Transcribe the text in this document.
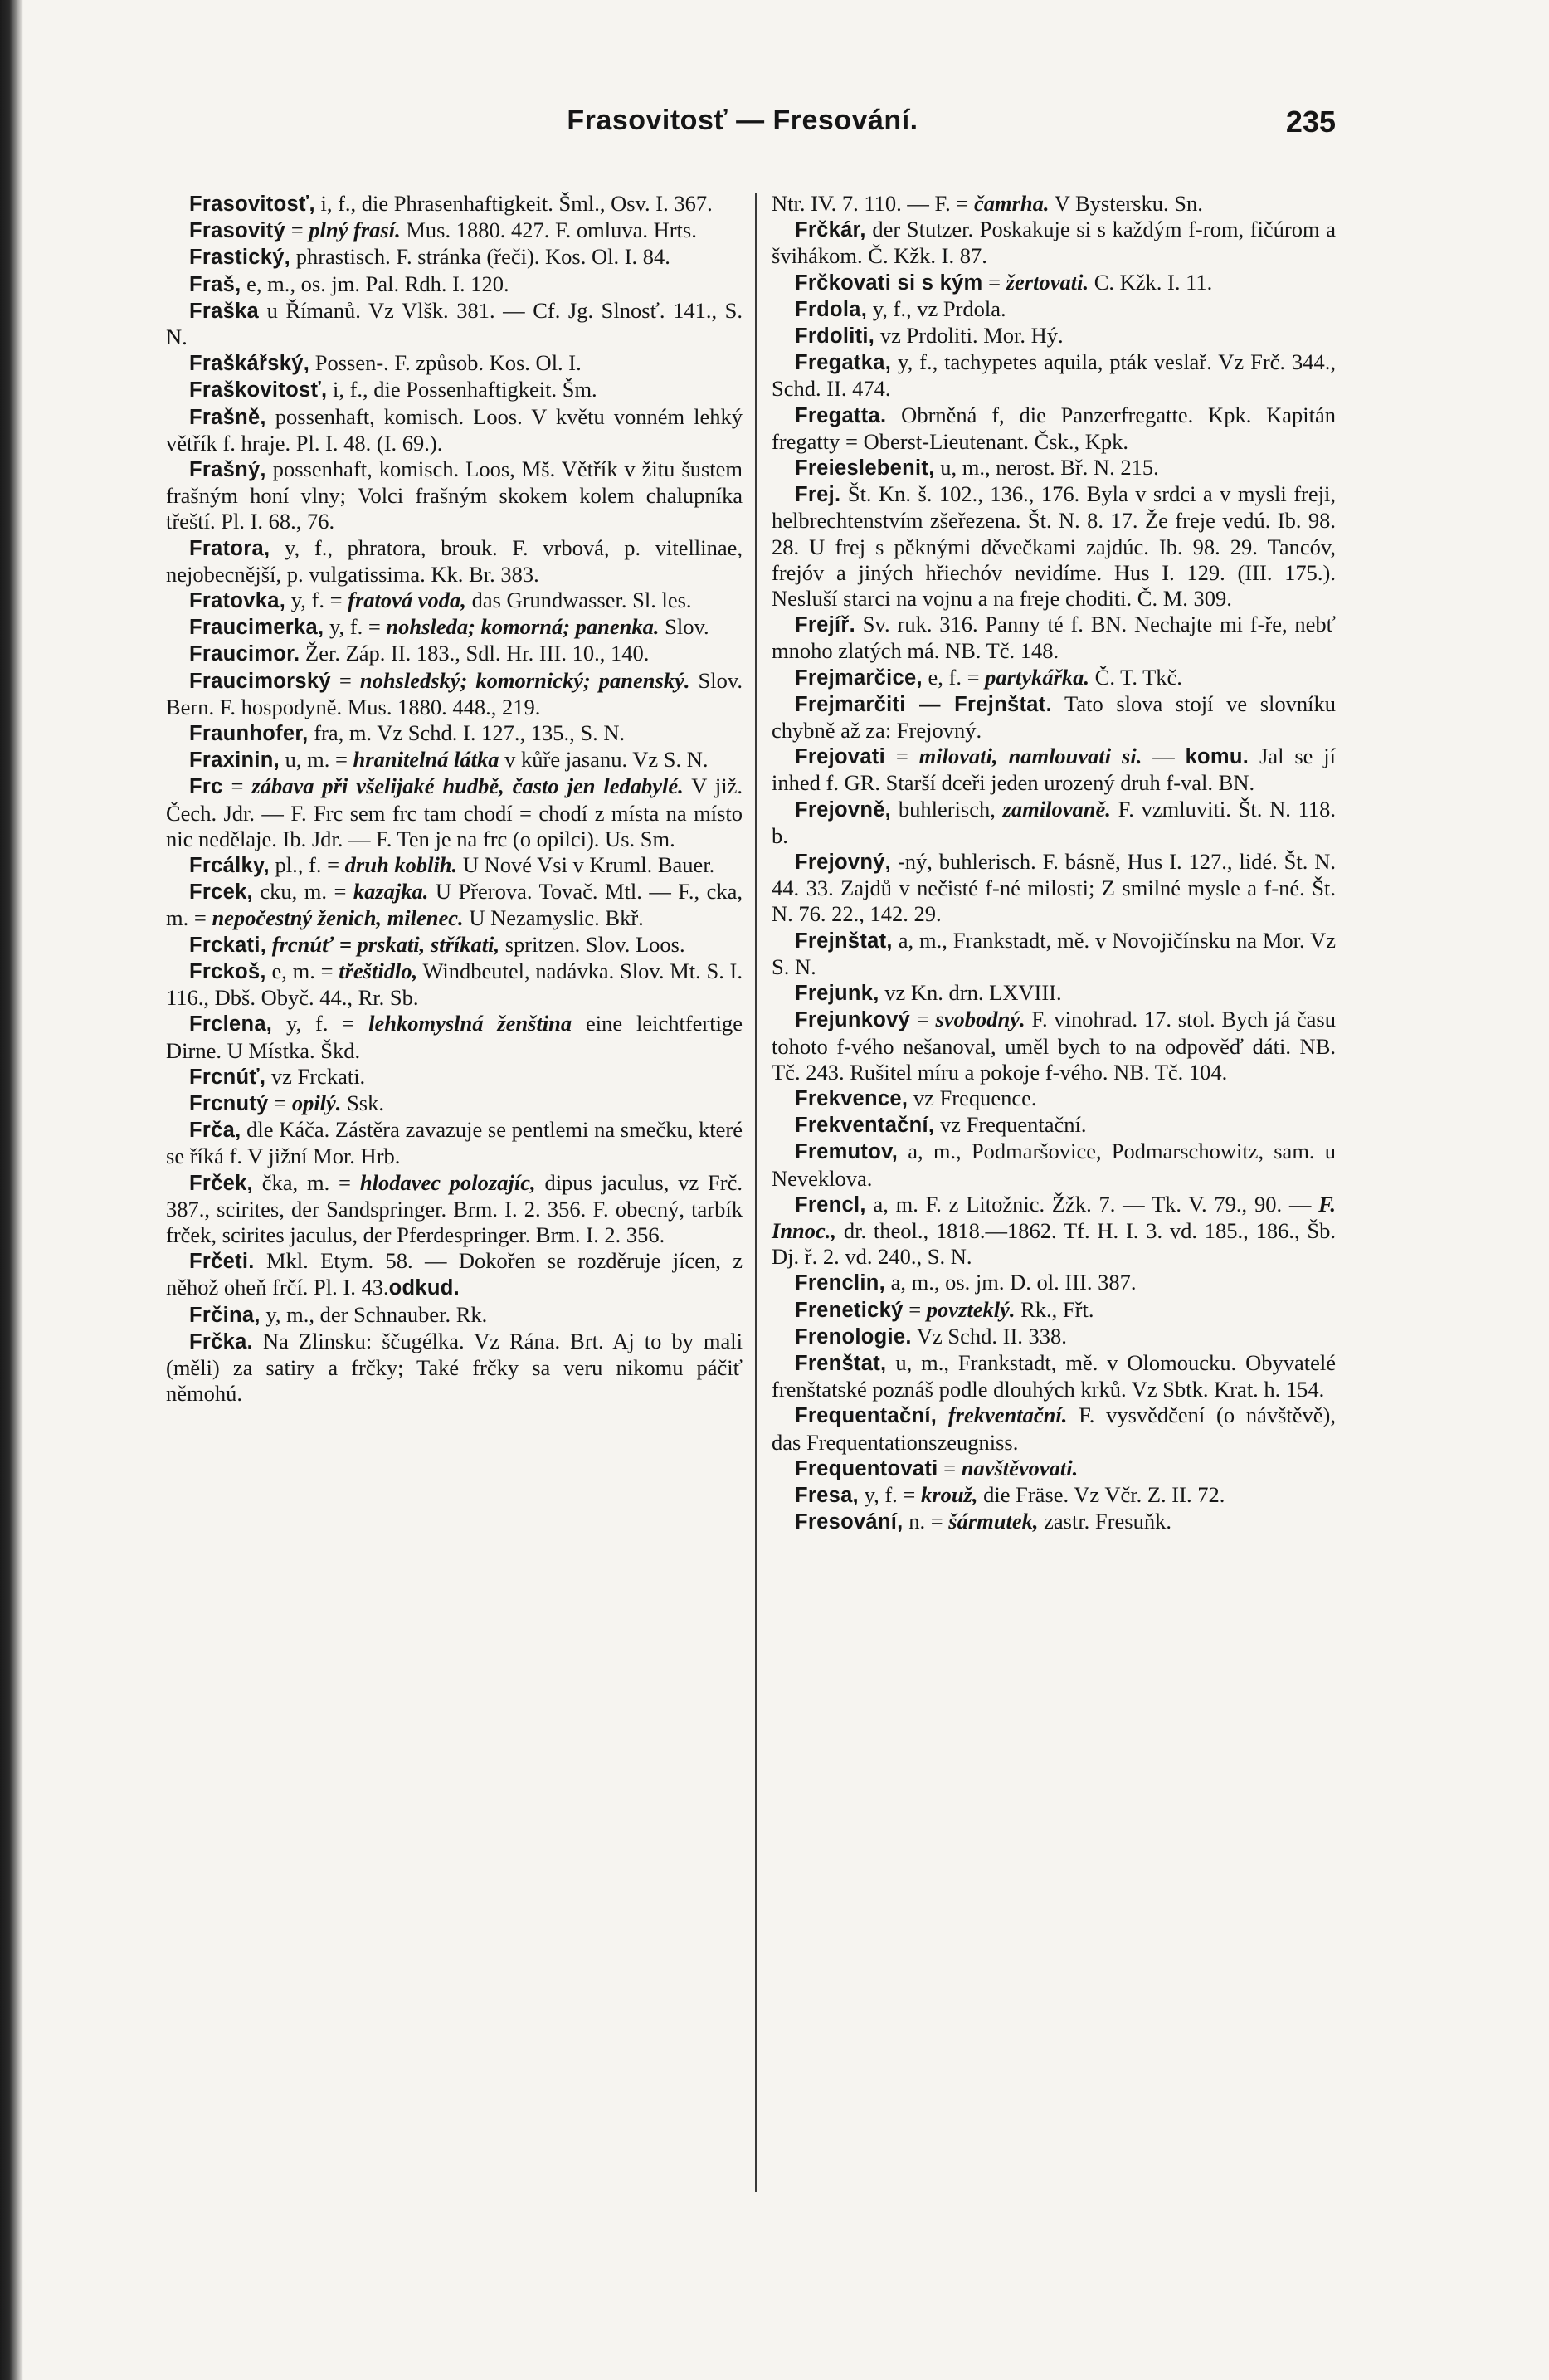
Frasovitosť — Fresování.	235

Frasovitosť, i, f., die Phrasenhaftigkeit. Šml., Osv. I. 367.

Frasovitý = plný frasí. Mus. 1880. 427. F. omluva. Hrts.

Frastický, phrastisch. F. stránka (řeči). Kos. Ol. I. 84.

Fraš, e, m., os. jm. Pal. Rdh. I. 120.

Fraška u Římanů. Vz Vlšk. 381. — Cf. Jg. Slnosť. 141., S. N.

Fraškářský, Possen-. F. způsob. Kos. Ol. I.

Fraškovitosť, i, f., die Possenhaftigkeit. Šm.

Frašně, possenhaft, komisch. Loos. V květu vonném lehký větřík f. hraje. Pl. I. 48. (I. 69.).

Frašný, possenhaft, komisch. Loos, Mš. Větřík v žitu šustem frašným honí vlny; Volci frašným skokem kolem chalupníka třeští. Pl. I. 68., 76.

Fratora, y, f., phratora, brouk. F. vrbová, p. vitellinae, nejobecnější, p. vulgatissima. Kk. Br. 383.

Fratovka, y, f. = fratová voda, das Grundwasser. Sl. les.

Fraucimerka, y, f. = nohsleda; komorná; panenka. Slov.

Fraucimor. Žer. Záp. II. 183., Sdl. Hr. III. 10., 140.

Fraucimorský = nohsledský; komornický; panenský. Slov. Bern. F. hospodyně. Mus. 1880. 448., 219.

Fraunhofer, fra, m. Vz Schd. I. 127., 135., S. N.

Fraxinin, u, m. = hranitelná látka v kůře jasanu. Vz S. N.

Frc = zábava při všelijaké hudbě, často jen ledabylé. V již. Čech. Jdr. — F. Frc sem frc tam chodí = chodí z místa na místo nic nedělaje. Ib. Jdr. — F. Ten je na frc (o opilci). Us. Sm.

Frcálky, pl., f. = druh koblih. U Nové Vsi v Kruml. Bauer.

Frcek, cku, m. = kazajka. U Přerova. Tovač. Mtl. — F., cka, m. = nepočestný ženich, milenec. U Nezamyslic. Bkř.

Frckati, frcnúť = prskati, stříkati, spritzen. Slov. Loos.

Frckoš, e, m. = třeštidlo, Windbeutel, nadávka. Slov. Mt. S. I. 116., Dbš. Obyč. 44., Rr. Sb.

Frclena, y, f. = lehkomyslná ženština eine leichtfertige Dirne. U Místka. Škd.

Frcnúť, vz Frckati.

Frcnutý = opilý. Ssk.

Frča, dle Káča. Zástěra zavazuje se pentlemi na smečku, které se říká f. V jižní Mor. Hrb.

Frček, čka, m. = hlodavec polozajíc, dipus jaculus, vz Frč. 387., scirites, der Sandspringer. Brm. I. 2. 356. F. obecný, tarbík frček, scirites jaculus, der Pferdespringer. Brm. I. 2. 356.

Frčeti. Mkl. Etym. 58. — Dokořen se rozděruje jícen, z něhož oheň frčí. Pl. I. 43.odkud.

Frčina, y, m., der Schnauber. Rk.

Frčka. Na Zlinsku: ščugélka. Vz Rána. Brt. Aj to by mali (měli) za satiry a frčky; Také frčky sa veru nikomu páčiť němohú.

Ntr. IV. 7. 110. — F. = čamrha. V Bystersku. Sn.

Frčkár, der Stutzer. Poskakuje si s každým f-rom, fičúrom a švihákom. Č. Kžk. I. 87.

Frčkovati si s kým = žertovati. C. Kžk. I. 11.

Frdola, y, f., vz Prdola.

Frdoliti, vz Prdoliti. Mor. Hý.

Fregatka, y, f., tachypetes aquila, pták veslař. Vz Frč. 344., Schd. II. 474.

Fregatta. Obrněná f, die Panzerfregatte. Kpk. Kapitán fregatty = Oberst-Lieutenant. Čsk., Kpk.

Freieslebenit, u, m., nerost. Bř. N. 215.

Frej. Št. Kn. š. 102., 136., 176. Byla v srdci a v mysli freji, helbrechtenstvím zšeřezena. Št. N. 8. 17. Že freje vedú. Ib. 98. 28. U frej s pěknými děvečkami zajdúc. Ib. 98. 29. Tancóv, frejóv a jiných hřiechóv nevidíme. Hus I. 129. (III. 175.). Nesluší starci na vojnu a na freje choditi. Č. M. 309.

Frejíř. Sv. ruk. 316. Panny té f. BN. Nechajte mi f-ře, nebť mnoho zlatých má. NB. Tč. 148.

Frejmarčice, e, f. = partykářka. Č. T. Tkč.

Frejmarčiti — Frejnštat. Tato slova stojí ve slovníku chybně až za: Frejovný.

Frejovati = milovati, namlouvati si. — komu. Jal se jí inhed f. GR. Starší dceři jeden urozený druh f-val. BN.

Frejovně, buhlerisch, zamilovaně. F. vzmluviti. Št. N. 118. b.

Frejovný, -ný, buhlerisch. F. básně, Hus I. 127., lidé. Št. N. 44. 33. Zajdů v nečisté f-né milosti; Z smilné mysle a f-né. Št. N. 76. 22., 142. 29.

Frejnštat, a, m., Frankstadt, mě. v Novojičínsku na Mor. Vz S. N.

Frejunk, vz Kn. drn. LXVIII.

Frejunkový = svobodný. F. vinohrad. 17. stol. Bych já času tohoto f-vého nešanoval, uměl bych to na odpověď dáti. NB. Tč. 243. Rušitel míru a pokoje f-vého. NB. Tč. 104.

Frekvence, vz Frequence.

Frekventační, vz Frequentační.

Fremutov, a, m., Podmaršovice, Podmarschowitz, sam. u Neveklova.

Frencl, a, m. F. z Litožnic. Žžk. 7. — Tk. V. 79., 90. — F. Innoc., dr. theol., 1818.—1862. Tf. H. I. 3. vd. 185., 186., Šb. Dj. ř. 2. vd. 240., S. N.

Frenclin, a, m., os. jm. D. ol. III. 387.

Frenetický = povzteklý. Rk., Fřt.

Frenologie. Vz Schd. II. 338.

Frenštat, u, m., Frankstadt, mě. v Olomoucku. Obyvatelé frenštatské poznáš podle dlouhých krků. Vz Sbtk. Krat. h. 154.

Frequentační, frekventační. F. vysvědčení (o návštěvě), das Frequentationszeugniss.

Frequentovati = navštěvovati.

Fresa, y, f. = krouž, die Fräse. Vz Včr. Z. II. 72.

Fresování, n. = šármutek, zastr. Fresuňk.
